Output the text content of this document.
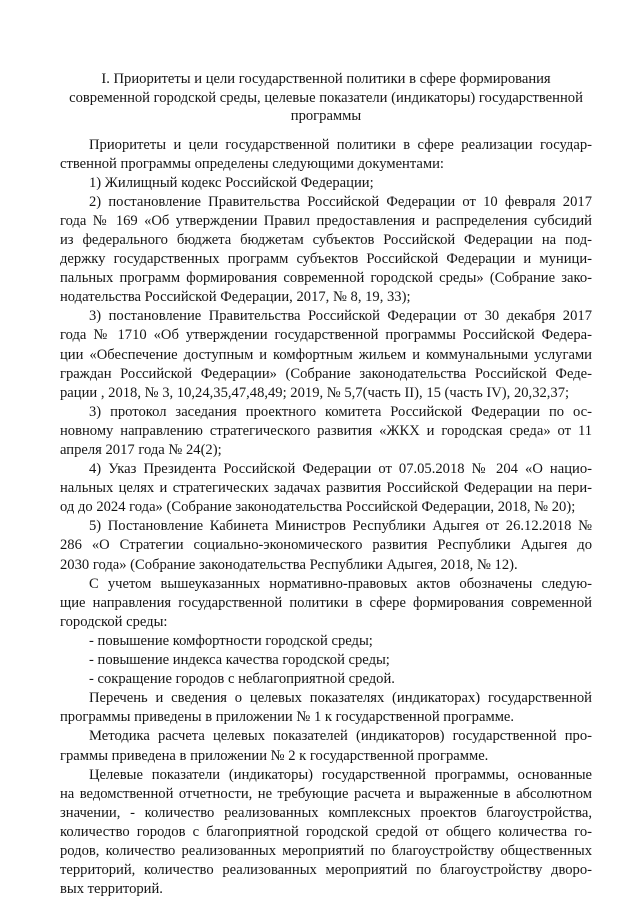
I. Приоритеты и цели государственной политики в сфере формирования
современной городской среды, целевые показатели (индикаторы) государственной
программы

Приоритеты и цели государственной политики в сфере реализации государ-
ственной программы определены следующими документами:

1) Жилищный кодекс Российской Федерации;

2) постановление Правительства Российской Федерации от 10 февраля 2017
года № 169 «Об утверждении Правил предоставления и распределения субсидий
из федерального бюджета бюджетам субъектов Российской Федерации на под-
держку государственных программ субъектов Российской Федерации и муници-
пальных программ формирования современной городской среды» (Собрание зако-
нодательства Российской Федерации, 2017, № 8, 19, 33);

3) постановление Правительства Российской Федерации от 30 декабря 2017
года № 1710 «Об утверждении государственной программы Российской Федера-
ции «Обеспечение доступным и комфортным жильем и коммунальными услугами
граждан Российской Федерации» (Собрание законодательства Российской Феде-
рации , 2018, № 3, 10,24,35,47,48,49; 2019, № 5,7(часть II), 15 (часть IV), 20,32,37;

3) протокол заседания проектного комитета Российской Федерации по ос-
новному направлению стратегического развития «ЖКХ и городская среда» от 11
апреля 2017 года № 24(2);

4) Указ Президента Российской Федерации от 07.05.2018 № 204 «О нацио-
нальных целях и стратегических задачах развития Российской Федерации на пери-
од до 2024 года» (Собрание законодательства Российской Федерации, 2018, № 20);

5) Постановление Кабинета Министров Республики Адыгея от 26.12.2018 №
286 «О Стратегии социально-экономического развития Республики Адыгея до
2030 года» (Собрание законодательства Республики Адыгея, 2018, № 12).

С учетом вышеуказанных нормативно-правовых актов обозначены следую-
щие направления государственной политики в сфере формирования современной
городской среды:

- повышение комфортности городской среды;

- повышение индекса качества городской среды;

- сокращение городов с неблагоприятной средой.

Перечень и сведения о целевых показателях (индикаторах) государственной
программы приведены в приложении № 1 к государственной программе.

Методика расчета целевых показателей (индикаторов) государственной про-
граммы приведена в приложении № 2 к государственной программе.

Целевые показатели (индикаторы) государственной программы, основанные
на ведомственной отчетности, не требующие расчета и выраженные в абсолютном
значении, - количество реализованных комплексных проектов благоустройства,
количество городов с благоприятной городской средой от общего количества го-
родов, количество реализованных мероприятий по благоустройству общественных
территорий, количество реализованных мероприятий по благоустройству дворо-
вых территорий.
